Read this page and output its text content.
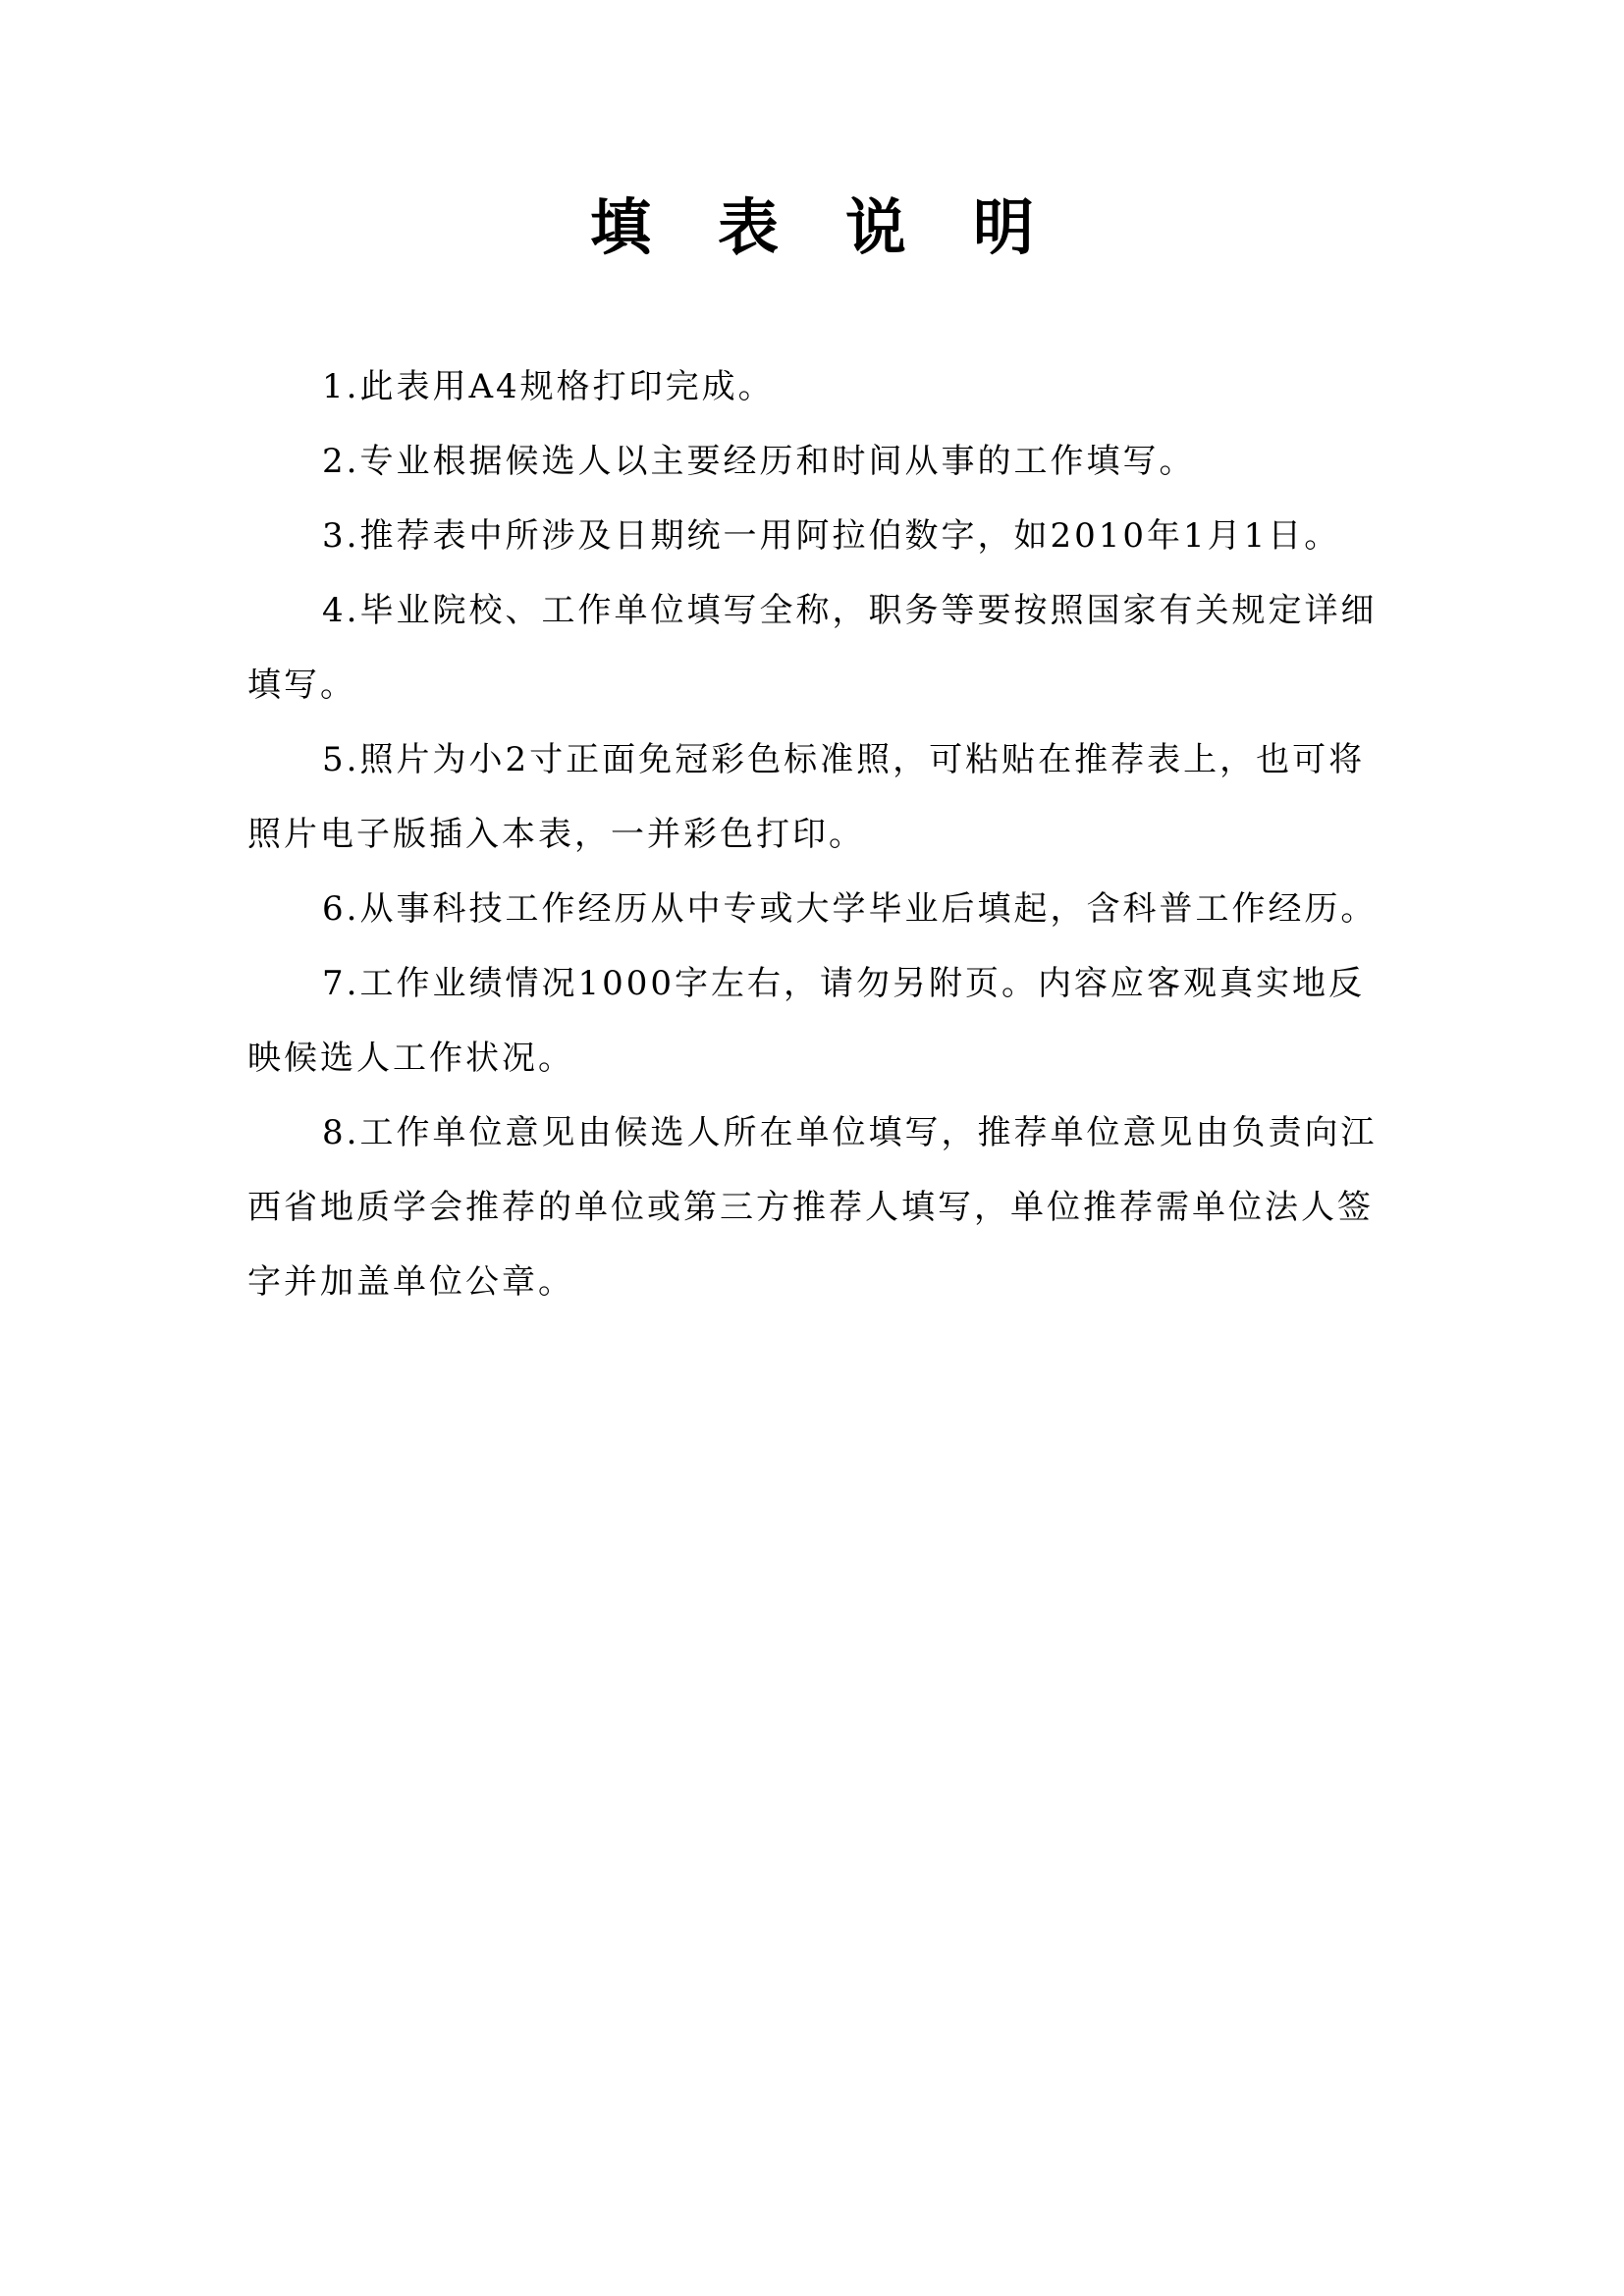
填表说明
1.此表用A4规格打印完成。
2.专业根据候选人以主要经历和时间从事的工作填写。
3.推荐表中所涉及日期统一用阿拉伯数字，如2010年1月1日。
4.毕业院校、工作单位填写全称，职务等要按照国家有关规定详细填写。
5.照片为小2寸正面免冠彩色标准照，可粘贴在推荐表上，也可将照片电子版插入本表，一并彩色打印。
6.从事科技工作经历从中专或大学毕业后填起，含科普工作经历。
7.工作业绩情况1000字左右，请勿另附页。内容应客观真实地反映候选人工作状况。
8.工作单位意见由候选人所在单位填写，推荐单位意见由负责向江西省地质学会推荐的单位或第三方推荐人填写，单位推荐需单位法人签字并加盖单位公章。
